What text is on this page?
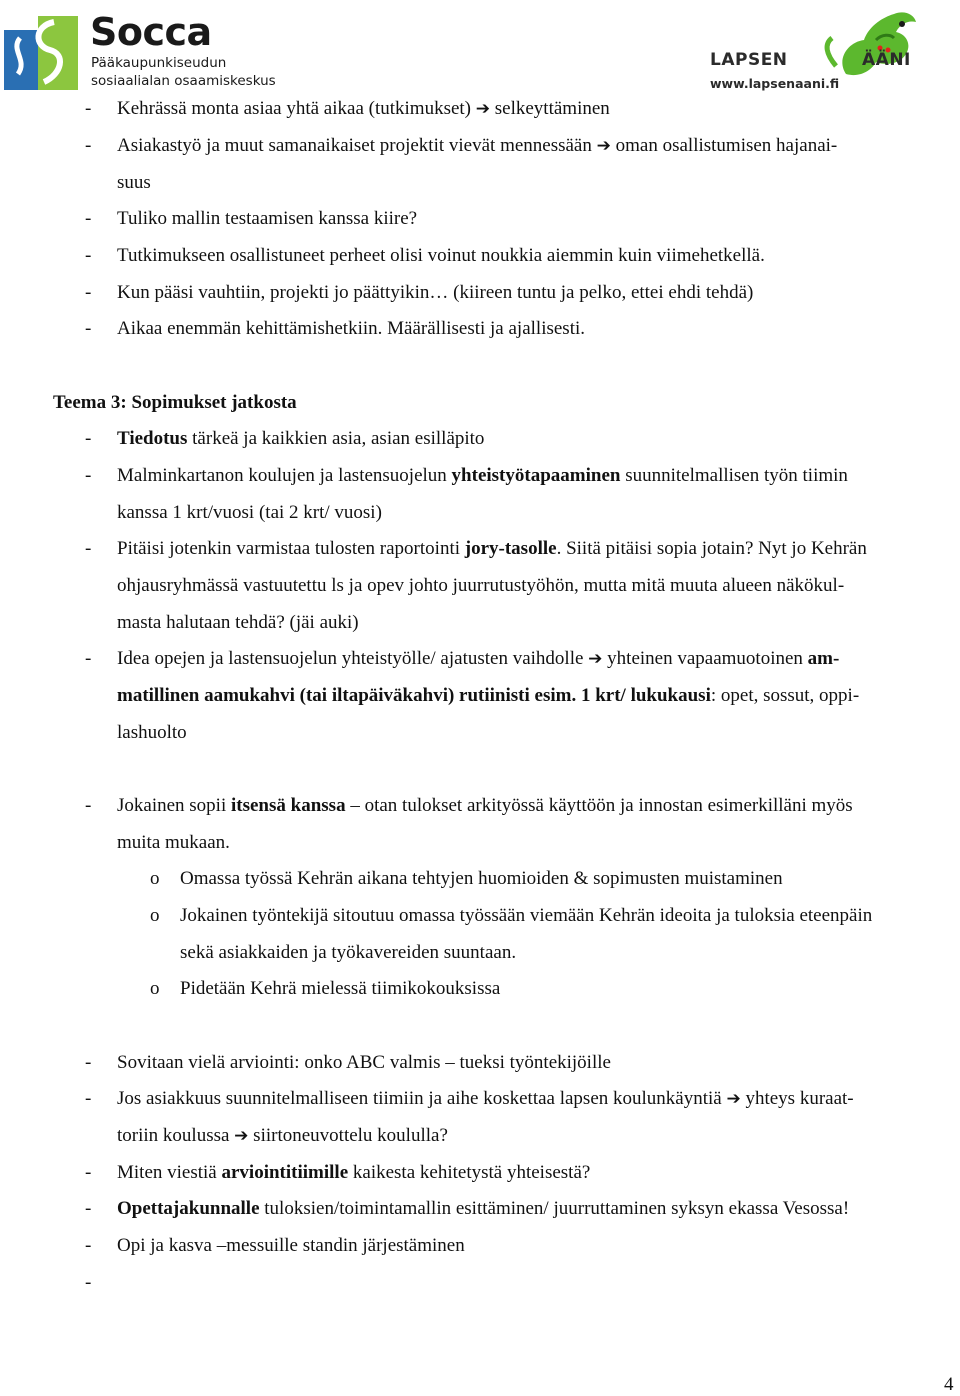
Socca
Pääkaupunkiseudun
sosiaalialan osaamiskeskus
LAPSEN	ÄÄNI
www.lapsenaani.fi
- Kehrässä monta asiaa yhtä aikaa (tutkimukset) ➔ selkeyttäminen
- Asiakastyö ja muut samanaikaiset projektit vievät mennessään ➔ oman osallistumisen hajanai-
suus
- Tuliko mallin testaamisen kanssa kiire?
- Tutkimukseen osallistuneet perheet olisi voinut noukkia aiemmin kuin viimehetkellä.
- Kun pääsi vauhtiin, projekti jo päättyikin… (kiireen tuntu ja pelko, ettei ehdi tehdä)
- Aikaa enemmän kehittämishetkiin. Määrällisesti ja ajallisesti.
Teema 3: Sopimukset jatkosta
- Tiedotus tärkeä ja kaikkien asia, asian esilläpito
- Malminkartanon koulujen ja lastensuojelun yhteistyötapaaminen suunnitelmallisen työn tiimin
kanssa 1 krt/vuosi (tai 2 krt/ vuosi)
- Pitäisi jotenkin varmistaa tulosten raportointi jory-tasolle. Siitä pitäisi sopia jotain? Nyt jo Kehrän
ohjausryhmässä vastuutettu ls ja opev johto juurrutustyöhön, mutta mitä muuta alueen näkökul-
masta halutaan tehdä? (jäi auki)
- Idea opejen ja lastensuojelun yhteistyölle/ ajatusten vaihdolle ➔ yhteinen vapaamuotoinen am-
matillinen aamukahvi (tai iltapäiväkahvi) rutiinisti esim. 1 krt/ lukukausi: opet, sossut, oppi-
lashuolto
- Jokainen sopii itsensä kanssa – otan tulokset arkityössä käyttöön ja innostan esimerkilläni myös
muita mukaan.
o Omassa työssä Kehrän aikana tehtyjen huomioiden & sopimusten muistaminen
o Jokainen työntekijä sitoutuu omassa työssään viemään Kehrän ideoita ja tuloksia eteenpäin
sekä asiakkaiden ja työkavereiden suuntaan.
o Pidetään Kehrä mielessä tiimikokouksissa
- Sovitaan vielä arviointi: onko ABC valmis – tueksi työntekijöille
- Jos asiakkuus suunnitelmalliseen tiimiin ja aihe koskettaa lapsen koulunkäyntiä ➔ yhteys kuraat-
toriin koulussa ➔ siirtoneuvottelu koululla?
- Miten viestiä arviointitiimille kaikesta kehitetystä yhteisestä?
- Opettajakunnalle tuloksien/toimintamallin esittäminen/ juurruttaminen syksyn ekassa Vesossa!
- Opi ja kasva –messuille standin järjestäminen
-
4
